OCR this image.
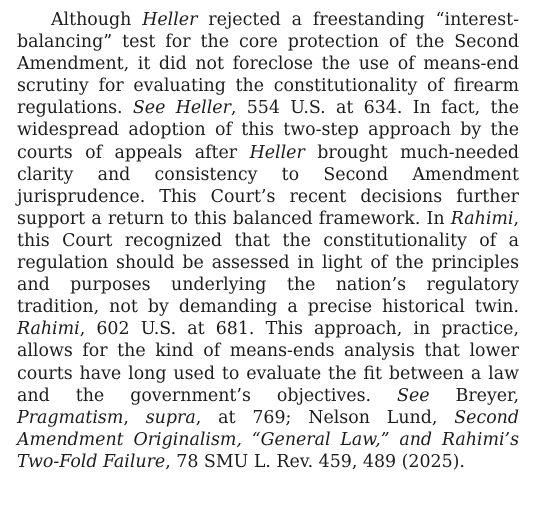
Although Heller rejected a freestanding “interest-balancing” test for the core protection of the Second Amendment, it did not foreclose the use of means-end scrutiny for evaluating the constitutionality of firearm regulations. See Heller, 554 U.S. at 634. In fact, the widespread adoption of this two-step approach by the courts of appeals after Heller brought much-needed clarity and consistency to Second Amendment jurisprudence. This Court’s recent decisions further support a return to this balanced framework. In Rahimi, this Court recognized that the constitutionality of a regulation should be assessed in light of the principles and purposes underlying the nation’s regulatory tradition, not by demanding a precise historical twin. Rahimi, 602 U.S. at 681. This approach, in practice, allows for the kind of means-ends analysis that lower courts have long used to evaluate the fit between a law and the government’s objectives. See Breyer, Pragmatism, supra, at 769; Nelson Lund, Second Amendment Originalism, “General Law,” and Rahimi’s Two-Fold Failure, 78 SMU L. Rev. 459, 489 (2025).
